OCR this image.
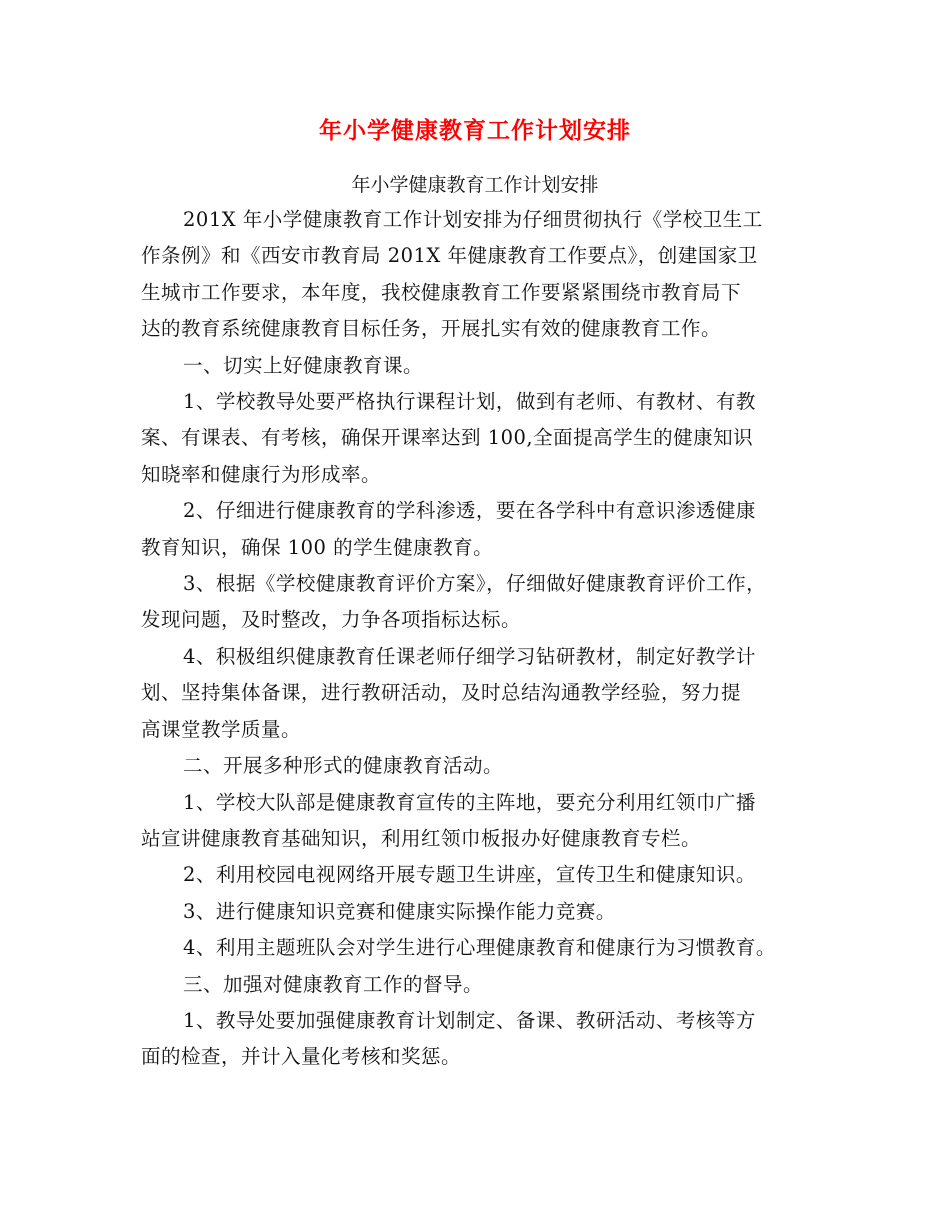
年小学健康教育工作计划安排

年小学健康教育工作计划安排

201X 年小学健康教育工作计划安排为仔细贯彻执行《学校卫生工
作条例》和《西安市教育局 201X 年健康教育工作要点》，创建国家卫
生城市工作要求，本年度，我校健康教育工作要紧紧围绕市教育局下
达的教育系统健康教育目标任务，开展扎实有效的健康教育工作。
一、切实上好健康教育课。
1、学校教导处要严格执行课程计划，做到有老师、有教材、有教
案、有课表、有考核，确保开课率达到 100,全面提高学生的健康知识
知晓率和健康行为形成率。
2、仔细进行健康教育的学科渗透，要在各学科中有意识渗透健康
教育知识，确保 100 的学生健康教育。
3、根据《学校健康教育评价方案》，仔细做好健康教育评价工作，
发现问题，及时整改，力争各项指标达标。
4、积极组织健康教育任课老师仔细学习钻研教材，制定好教学计
划、坚持集体备课，进行教研活动，及时总结沟通教学经验，努力提
高课堂教学质量。
二、开展多种形式的健康教育活动。
1、学校大队部是健康教育宣传的主阵地，要充分利用红领巾广播
站宣讲健康教育基础知识，利用红领巾板报办好健康教育专栏。
2、利用校园电视网络开展专题卫生讲座，宣传卫生和健康知识。
3、进行健康知识竞赛和健康实际操作能力竞赛。
4、利用主题班队会对学生进行心理健康教育和健康行为习惯教育。
三、加强对健康教育工作的督导。
1、教导处要加强健康教育计划制定、备课、教研活动、考核等方
面的检查，并计入量化考核和奖惩。
